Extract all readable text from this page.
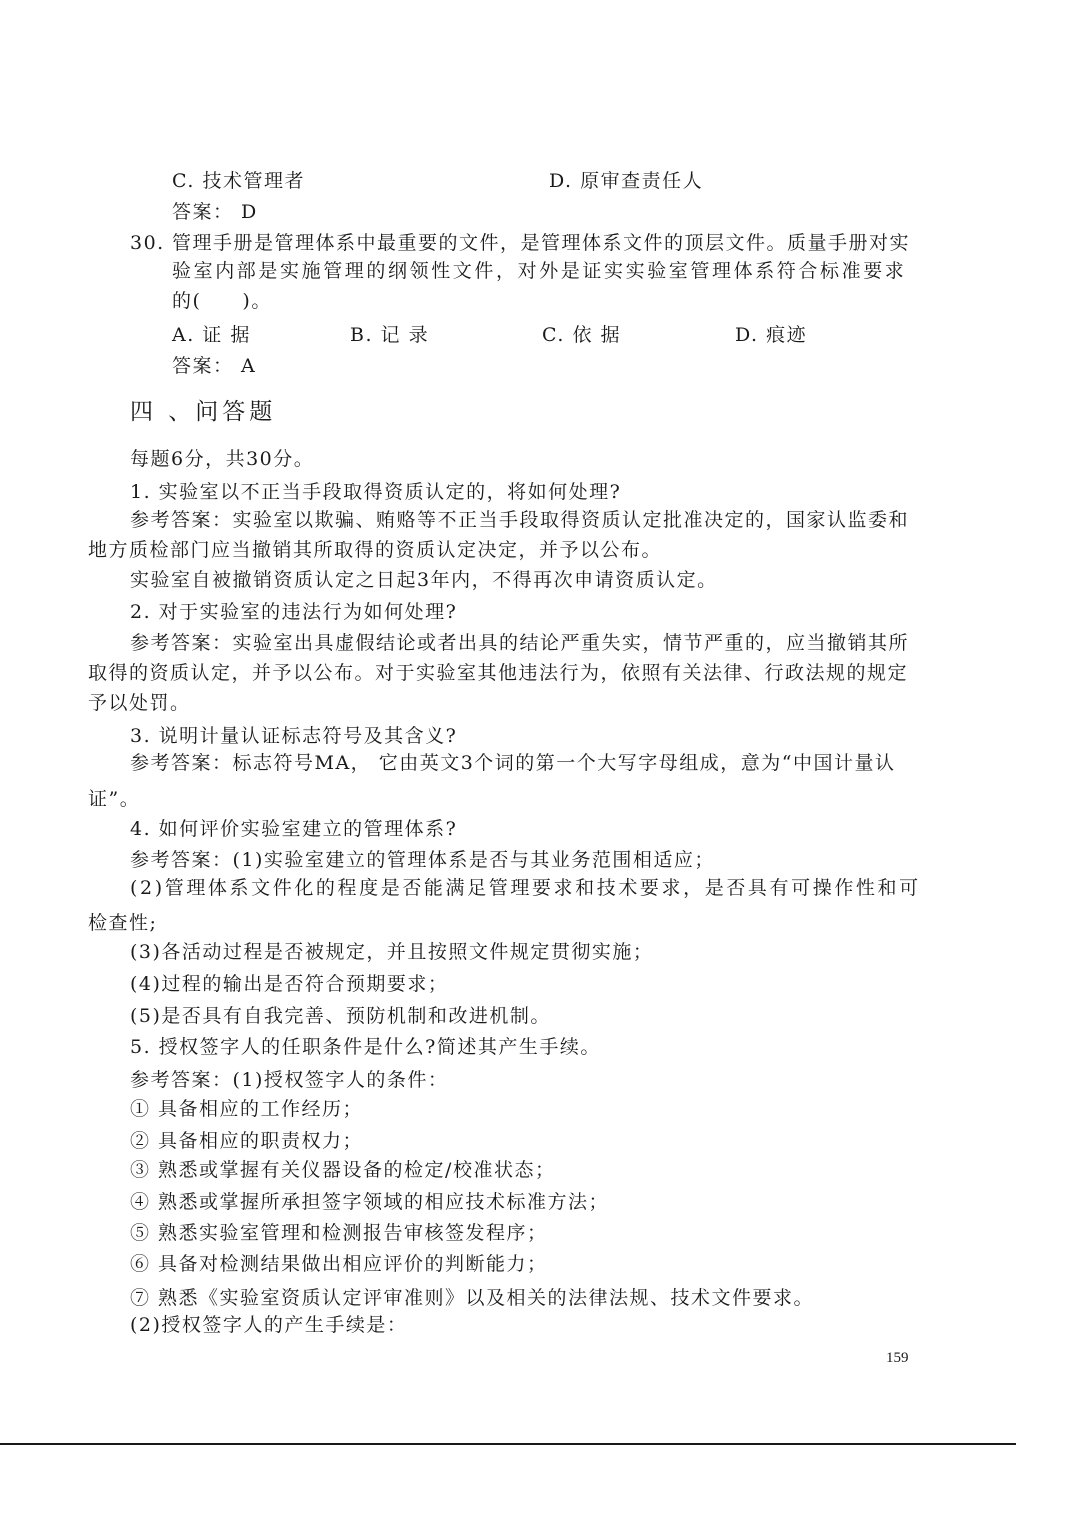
C. 技术管理者	D. 原审查责任人
答案： D
30. 管理手册是管理体系中最重要的文件，是管理体系文件的顶层文件。质量手册对实
验室内部是实施管理的纲领性文件，对外是证实实验室管理体系符合标准要求
的(　　)。
A. 证 据	B. 记 录	C. 依 据	D. 痕迹
答案： A
四 、问答题
每题6分，共30分。
1. 实验室以不正当手段取得资质认定的，将如何处理?
参考答案：实验室以欺骗、贿赂等不正当手段取得资质认定批准决定的，国家认监委和
地方质检部门应当撤销其所取得的资质认定决定，并予以公布。
实验室自被撤销资质认定之日起3年内，不得再次申请资质认定。
2. 对于实验室的违法行为如何处理?
参考答案：实验室出具虚假结论或者出具的结论严重失实，情节严重的，应当撤销其所
取得的资质认定，并予以公布。对于实验室其他违法行为，依照有关法律、行政法规的规定
予以处罚。
3. 说明计量认证标志符号及其含义?
参考答案：标志符号MA， 它由英文3个词的第一个大写字母组成，意为“中国计量认
证”。
4. 如何评价实验室建立的管理体系?
参考答案：(1)实验室建立的管理体系是否与其业务范围相适应；
(2)管理体系文件化的程度是否能满足管理要求和技术要求，是否具有可操作性和可
检查性;
(3)各活动过程是否被规定，并且按照文件规定贯彻实施；
(4)过程的输出是否符合预期要求；
(5)是否具有自我完善、预防机制和改进机制。
5. 授权签字人的任职条件是什么?简述其产生手续。
参考答案：(1)授权签字人的条件：
① 具备相应的工作经历；
② 具备相应的职责权力；
③ 熟悉或掌握有关仪器设备的检定/校准状态；
④ 熟悉或掌握所承担签字领域的相应技术标准方法；
⑤ 熟悉实验室管理和检测报告审核签发程序；
⑥ 具备对检测结果做出相应评价的判断能力；
⑦ 熟悉《实验室资质认定评审准则》以及相关的法律法规、技术文件要求。
(2)授权签字人的产生手续是：
159
